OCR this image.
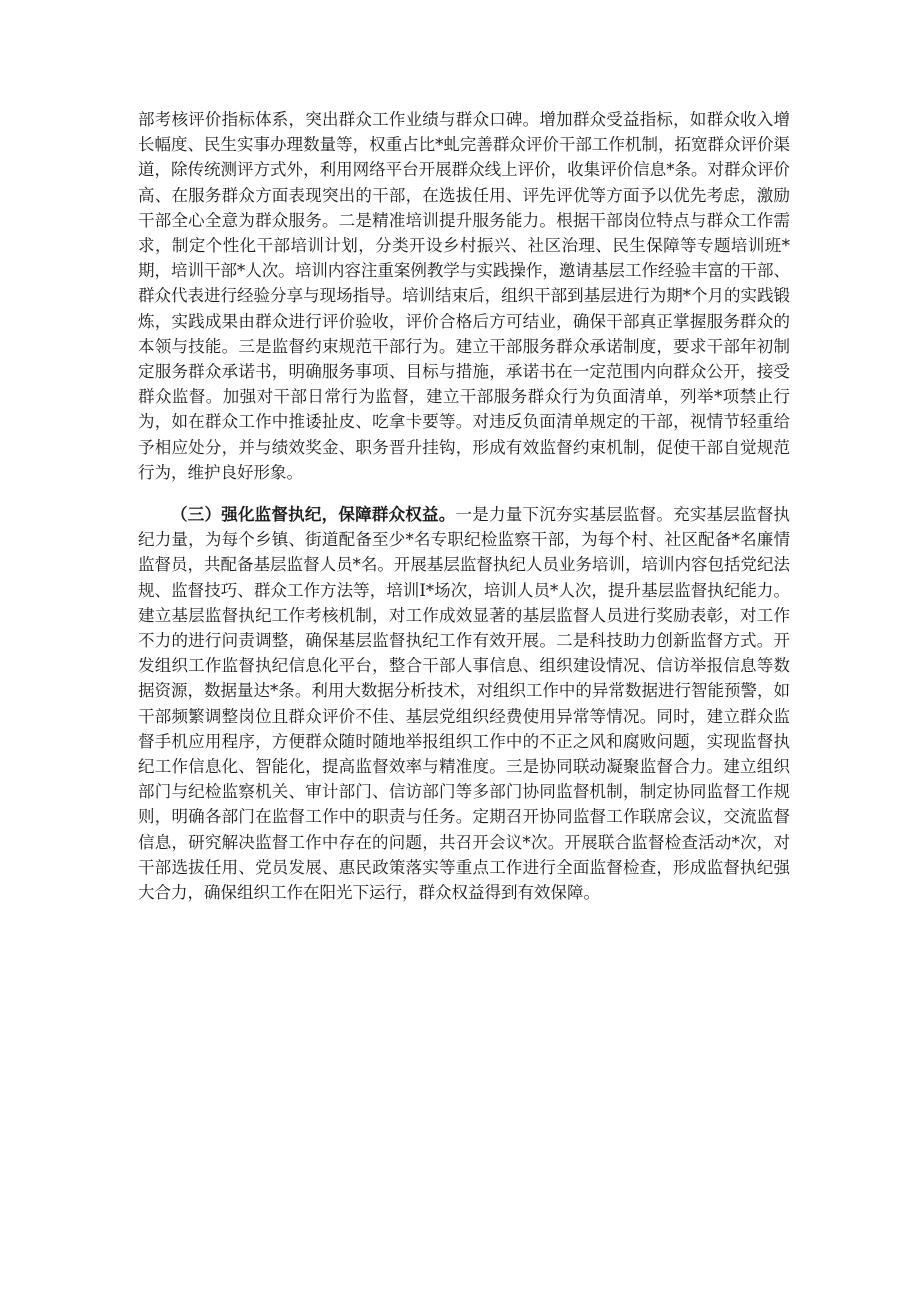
部考核评价指标体系，突出群众工作业绩与群众口碑。增加群众受益指标，如群众收入增长幅度、民生实事办理数量等，权重占比*虬完善群众评价干部工作机制，拓宽群众评价渠道，除传统测评方式外，利用网络平台开展群众线上评价，收集评价信息*条。对群众评价高、在服务群众方面表现突出的干部，在选拔任用、评先评优等方面予以优先考虑，激励干部全心全意为群众服务。二是精准培训提升服务能力。根据干部岗位特点与群众工作需求，制定个性化干部培训计划，分类开设乡村振兴、社区治理、民生保障等专题培训班*期，培训干部*人次。培训内容注重案例教学与实践操作，邀请基层工作经验丰富的干部、群众代表进行经验分享与现场指导。培训结束后，组织干部到基层进行为期*个月的实践锻炼，实践成果由群众进行评价验收，评价合格后方可结业，确保干部真正掌握服务群众的本领与技能。三是监督约束规范干部行为。建立干部服务群众承诺制度，要求干部年初制定服务群众承诺书，明确服务事项、目标与措施，承诺书在一定范围内向群众公开，接受群众监督。加强对干部日常行为监督，建立干部服务群众行为负面清单，列举*项禁止行为，如在群众工作中推诿扯皮、吃拿卡要等。对违反负面清单规定的干部，视情节轻重给予相应处分，并与绩效奖金、职务晋升挂钩，形成有效监督约束机制，促使干部自觉规范行为，维护良好形象。

（三）强化监督执纪，保障群众权益。一是力量下沉夯实基层监督。充实基层监督执纪力量，为每个乡镇、街道配备至少*名专职纪检监察干部，为每个村、社区配备*名廉情监督员，共配备基层监督人员*名。开展基层监督执纪人员业务培训，培训内容包括党纪法规、监督技巧、群众工作方法等，培训I*场次，培训人员*人次，提升基层监督执纪能力。建立基层监督执纪工作考核机制，对工作成效显著的基层监督人员进行奖励表彰，对工作不力的进行问责调整，确保基层监督执纪工作有效开展。二是科技助力创新监督方式。开发组织工作监督执纪信息化平台，整合干部人事信息、组织建设情况、信访举报信息等数据资源，数据量达*条。利用大数据分析技术，对组织工作中的异常数据进行智能预警，如干部频繁调整岗位且群众评价不佳、基层党组织经费使用异常等情况。同时，建立群众监督手机应用程序，方便群众随时随地举报组织工作中的不正之风和腐败问题，实现监督执纪工作信息化、智能化，提高监督效率与精准度。三是协同联动凝聚监督合力。建立组织部门与纪检监察机关、审计部门、信访部门等多部门协同监督机制，制定协同监督工作规则，明确各部门在监督工作中的职责与任务。定期召开协同监督工作联席会议，交流监督信息，研究解决监督工作中存在的问题，共召开会议*次。开展联合监督检查活动*次，对干部选拔任用、党员发展、惠民政策落实等重点工作进行全面监督检查，形成监督执纪强大合力，确保组织工作在阳光下运行，群众权益得到有效保障。
